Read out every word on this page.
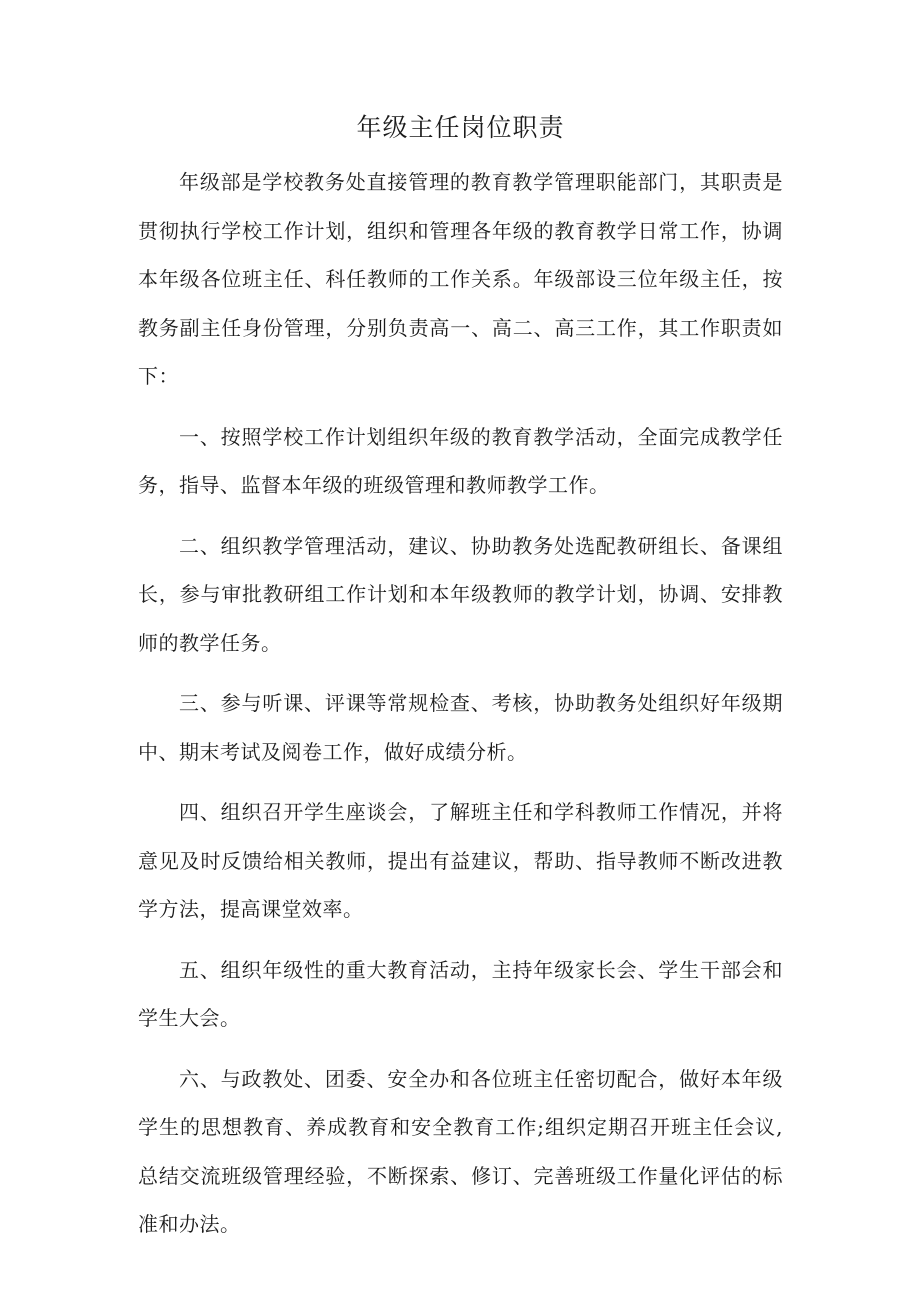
年级主任岗位职责

年级部是学校教务处直接管理的教育教学管理职能部门，其职责是贯彻执行学校工作计划，组织和管理各年级的教育教学日常工作，协调本年级各位班主任、科任教师的工作关系。年级部设三位年级主任，按教务副主任身份管理，分别负责高一、高二、高三工作，其工作职责如下：

一、按照学校工作计划组织年级的教育教学活动，全面完成教学任务，指导、监督本年级的班级管理和教师教学工作。

二、组织教学管理活动，建议、协助教务处选配教研组长、备课组长，参与审批教研组工作计划和本年级教师的教学计划，协调、安排教师的教学任务。

三、参与听课、评课等常规检查、考核，协助教务处组织好年级期中、期末考试及阅卷工作，做好成绩分析。

四、组织召开学生座谈会，了解班主任和学科教师工作情况，并将意见及时反馈给相关教师，提出有益建议，帮助、指导教师不断改进教学方法，提高课堂效率。

五、组织年级性的重大教育活动，主持年级家长会、学生干部会和学生大会。

六、与政教处、团委、安全办和各位班主任密切配合，做好本年级学生的思想教育、养成教育和安全教育工作;组织定期召开班主任会议,总结交流班级管理经验，不断探索、修订、完善班级工作量化评估的标准和办法。
